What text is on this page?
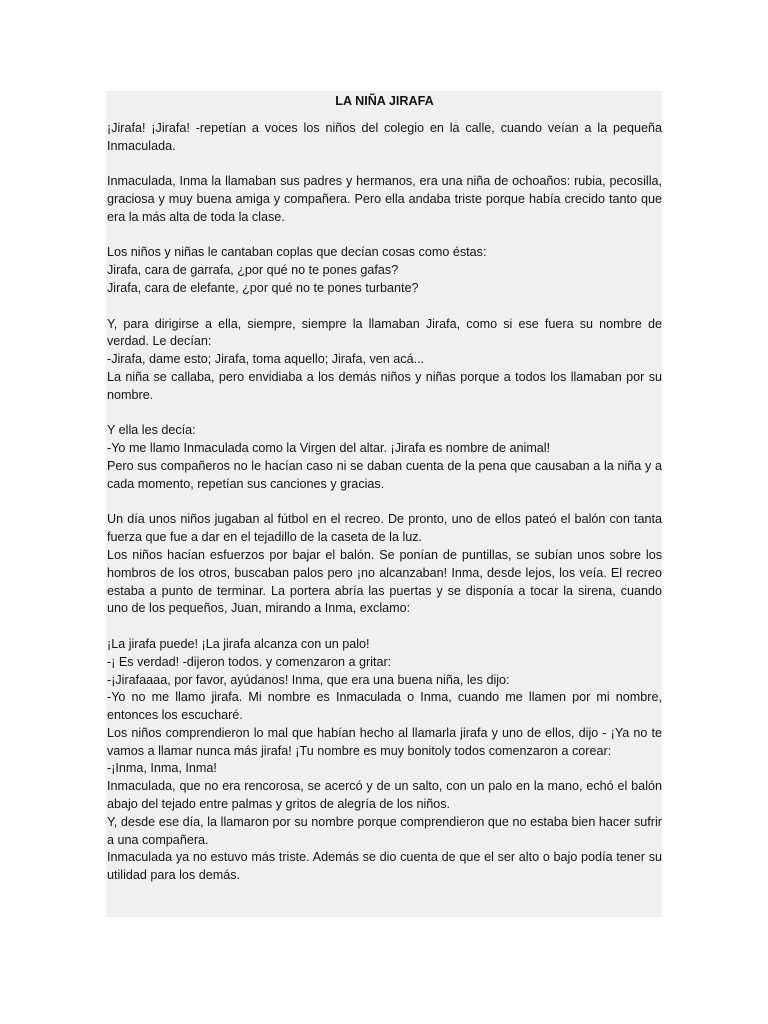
LA NIÑA JIRAFA
¡Jirafa! ¡Jirafa! -repetían a voces los niños del colegio en la calle, cuando veían a la pequeña Inmaculada.
Inmaculada, Inma la llamaban sus padres y hermanos, era una niña de ochoaños: rubia, pecosilla, graciosa y muy buena amiga y compañera. Pero ella andaba triste porque había crecido tanto que era la más alta de toda la clase.
Los niños y niñas le cantaban coplas que decían cosas como éstas:
Jirafa, cara de garrafa, ¿por qué no te pones gafas?
Jirafa, cara de elefante, ¿por qué no te pones turbante?
Y, para dirigirse a ella, siempre, siempre la llamaban Jirafa, como si ese fuera su nombre de verdad. Le decían:
-Jirafa, dame esto; Jirafa, toma aquello; Jirafa, ven acá...
La niña se callaba, pero envidiaba a los demás niños y niñas porque a todos los llamaban por su nombre.
Y ella les decía:
-Yo me llamo Inmaculada como la Virgen del altar. ¡Jirafa es nombre de animal!
Pero sus compañeros no le hacían caso ni se daban cuenta de la pena que causaban a la niña y a cada momento, repetían sus canciones y gracias.
Un día unos niños jugaban al fútbol en el recreo. De pronto, uno de ellos pateó el balón con tanta fuerza que fue a dar en el tejadillo de la caseta de la luz.
Los niños hacían esfuerzos por bajar el balón. Se ponían de puntillas, se subían unos sobre los hombros de los otros, buscaban palos pero ¡no alcanzaban! Inma, desde lejos, los veía. El recreo estaba a punto de terminar. La portera abría las puertas y se disponía a tocar la sirena, cuando uno de los pequeños, Juan, mirando a Inma, exclamo:
¡La jirafa puede! ¡La jirafa alcanza con un palo!
-¡ Es verdad! -dijeron todos. y comenzaron a gritar:
-¡Jirafaaaa, por favor, ayúdanos! Inma, que era una buena niña, les dijo:
-Yo no me llamo jirafa. Mi nombre es Inmaculada o Inma, cuando me llamen por mi nombre, entonces los escucharé.
Los niños comprendieron lo mal que habían hecho al llamarla jirafa y uno de ellos, dijo - ¡Ya no te vamos a llamar nunca más jirafa! ¡Tu nombre es muy bonitoly todos comenzaron a corear:
-¡Inma, Inma, Inma!
Inmaculada, que no era rencorosa, se acercó y de un salto, con un palo en la mano, echó el balón abajo del tejado entre palmas y gritos de alegría de los niños.
Y, desde ese día, la llamaron por su nombre porque comprendieron que no estaba bien hacer sufrir a una compañera.
Inmaculada ya no estuvo más triste. Además se dio cuenta de que el ser alto o bajo podía tener su utilidad para los demás.
